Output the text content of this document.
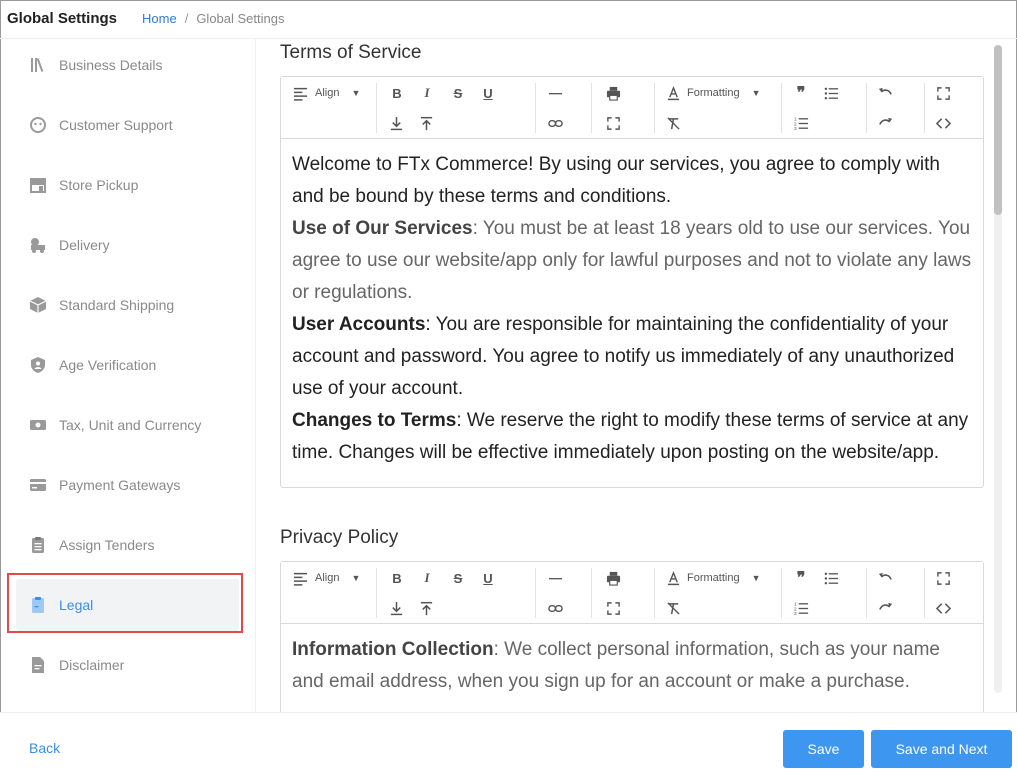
Global Settings Home / Global Settings
Business Details
Customer Support
Store Pickup
Delivery
Standard Shipping
Age Verification
Tax, Unit and Currency
Payment Gateways
Assign Tenders
Legal
Disclaimer
Terms of Service
Align ▼ B I S U	Formatting ▼ ❞
1
2
3

Welcome to FTx Commerce! By using our services, you agree to comply with and be bound by these terms and conditions.

Use of Our Services: You must be at least 18 years old to use our services. You agree to use our website/app only for lawful purposes and not to violate any laws or regulations.

User Accounts: You are responsible for maintaining the confidentiality of your account and password. You agree to notify us immediately of any unauthorized use of your account.

Changes to Terms: We reserve the right to modify these terms of service at any time. Changes will be effective immediately upon posting on the website/app.

Privacy Policy
Align ▼ B I S U	Formatting ▼ ❞
1
2
3

Information Collection: We collect personal information, such as your name and email address, when you sign up for an account or make a purchase.

Back	Save	Save and Next
